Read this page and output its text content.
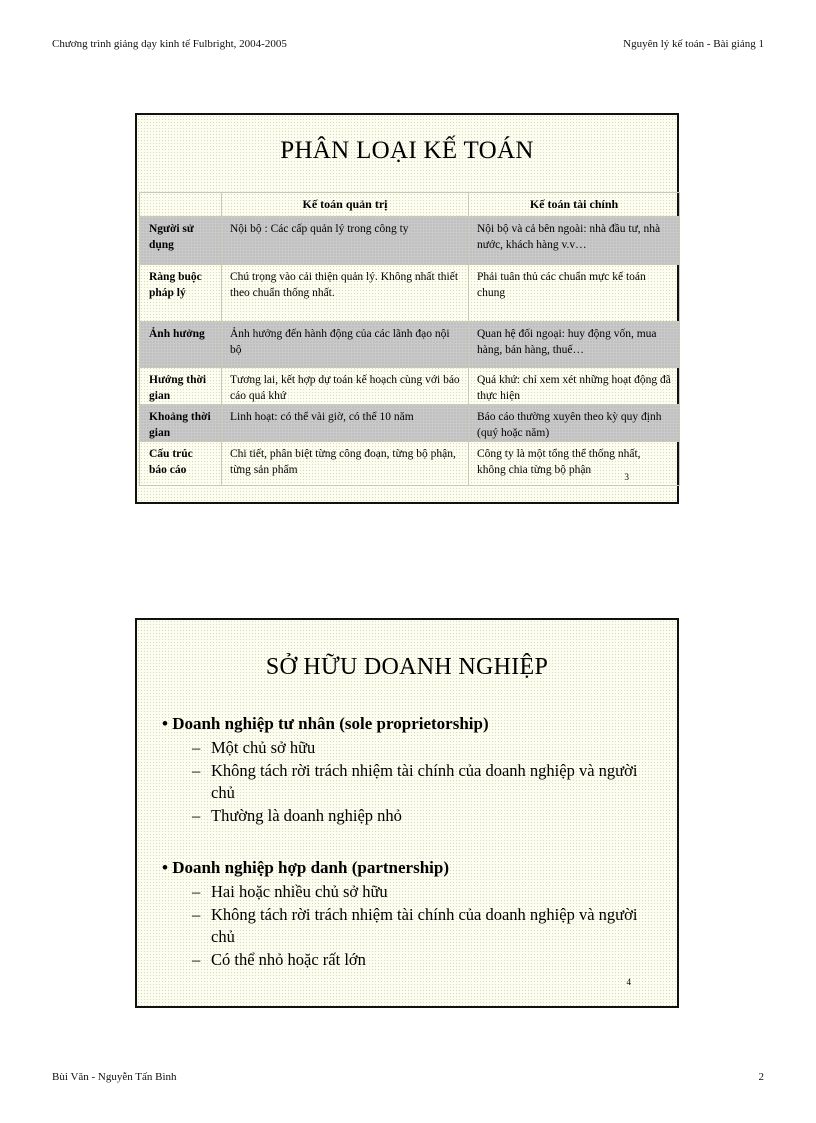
Chương trình giảng dạy kinh tế Fulbright, 2004-2005	Nguyên lý kế toán - Bài giảng 1
PHÂN LOẠI KẾ TOÁN
	Kế toán quản trị	Kế toán tài chính
Người sử dụng	Nội bộ : Các cấp quản lý trong công ty	Nội bộ và cả bên ngoài: nhà đầu tư, nhà nước, khách hàng v.v…
Ràng buộc pháp lý	Chú trọng vào cải thiện quản lý. Không nhất thiết theo chuẩn thống nhất.	Phải tuân thủ các chuẩn mực kế toán chung
Ảnh hưởng	Ảnh hưởng đến hành động của các lãnh đạo nội bộ	Quan hệ đối ngoại: huy động vốn, mua hàng, bán hàng, thuế…
Hướng thời gian	Tương lai, kết hợp dự toán kế hoạch cùng với báo cáo quá khứ	Quá khứ: chỉ xem xét những hoạt động đã thực hiện
Khoảng thời gian	Linh hoạt: có thể vài giờ, có thể 10 năm	Báo cáo thường xuyên theo kỳ quy định (quý hoặc năm)
Cấu trúc báo cáo	Chi tiết, phân biệt từng công đoạn, từng bộ phận, từng sản phẩm	Công ty là một tổng thể thống nhất, không chia từng bộ phận
3
SỞ HỮU DOANH NGHIỆP
• Doanh nghiệp tư nhân (sole proprietorship)
– Một chủ sở hữu
– Không tách rời trách nhiệm tài chính của doanh nghiệp và người chủ
– Thường là doanh nghiệp nhỏ
• Doanh nghiệp hợp danh (partnership)
– Hai hoặc nhiều chủ sở hữu
– Không tách rời trách nhiệm tài chính của doanh nghiệp và người chủ
– Có thể nhỏ hoặc rất lớn
4
Bùi Văn - Nguyễn Tấn Bình	2
